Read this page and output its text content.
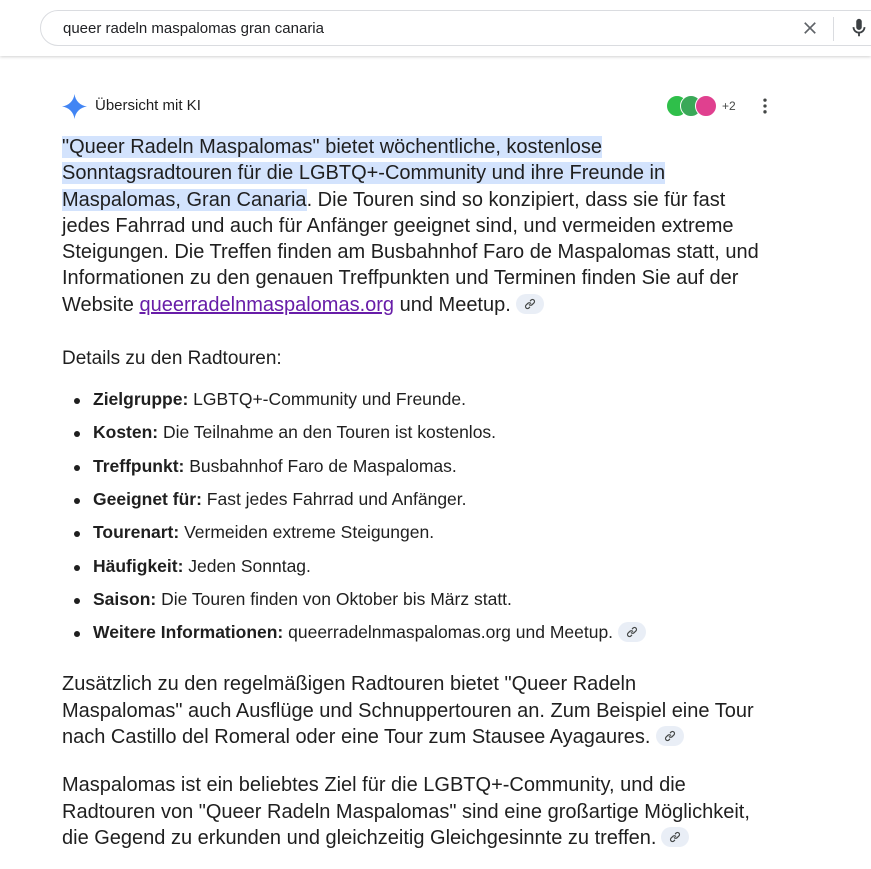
queer radeln maspalomas gran canaria
Übersicht mit KI	+2

"Queer Radeln Maspalomas" bietet wöchentliche, kostenlose Sonntagsradtouren für die LGBTQ+-Community und ihre Freunde in Maspalomas, Gran Canaria. Die Touren sind so konzipiert, dass sie für fast jedes Fahrrad und auch für Anfänger geeignet sind, und vermeiden extreme Steigungen. Die Treffen finden am Busbahnhof Faro de Maspalomas statt, und Informationen zu den genauen Treffpunkten und Terminen finden Sie auf der Website queerradelnmaspalomas.org und Meetup.

Details zu den Radtouren:
Zielgruppe: LGBTQ+-Community und Freunde.
Kosten: Die Teilnahme an den Touren ist kostenlos.
Treffpunkt: Busbahnhof Faro de Maspalomas.
Geeignet für: Fast jedes Fahrrad und Anfänger.
Tourenart: Vermeiden extreme Steigungen.
Häufigkeit: Jeden Sonntag.
Saison: Die Touren finden von Oktober bis März statt.
Weitere Informationen: queerradelnmaspalomas.org und Meetup.

Zusätzlich zu den regelmäßigen Radtouren bietet "Queer Radeln Maspalomas" auch Ausflüge und Schnuppertouren an. Zum Beispiel eine Tour nach Castillo del Romeral oder eine Tour zum Stausee Ayagaures.

Maspalomas ist ein beliebtes Ziel für die LGBTQ+-Community, und die Radtouren von "Queer Radeln Maspalomas" sind eine großartige Möglichkeit, die Gegend zu erkunden und gleichzeitig Gleichgesinnte zu treffen.
